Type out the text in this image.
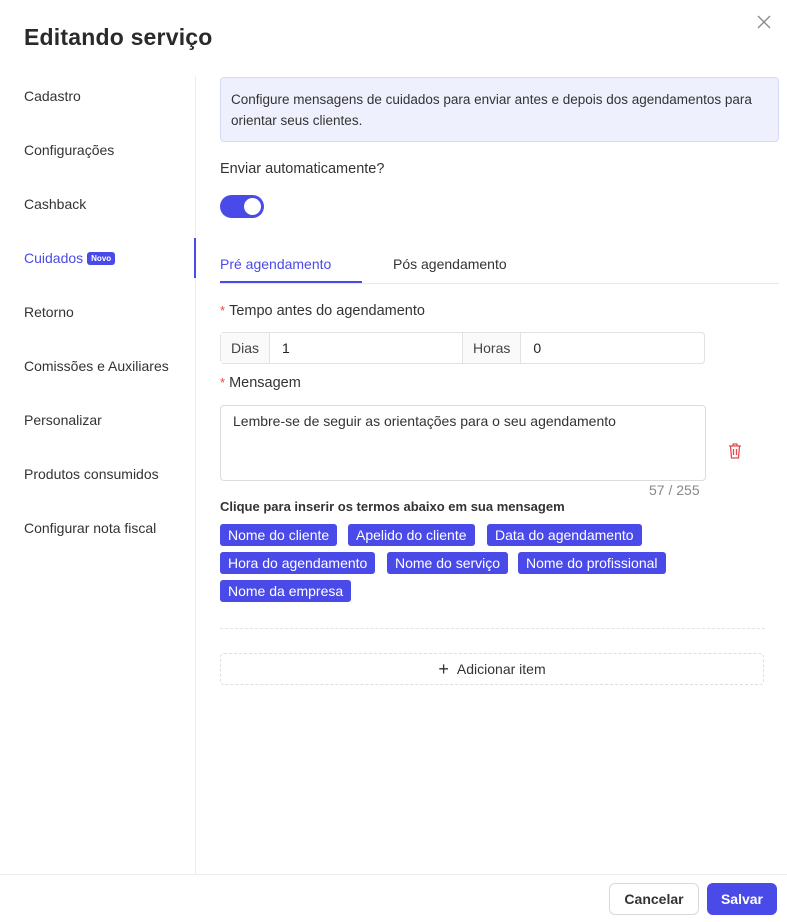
Editando serviço
Cadastro
Configurações
Cashback
Cuidados Novo
Retorno
Comissões e Auxiliares
Personalizar
Produtos consumidos
Configurar nota fiscal
Configure mensagens de cuidados para enviar antes e depois dos agendamentos para orientar seus clientes.
Enviar automaticamente?
Pré agendamento	Pós agendamento
* Tempo antes do agendamento
Dias	1	Horas	0
* Mensagem
Lembre-se de seguir as orientações para o seu agendamento
57 / 255
Clique para inserir os termos abaixo em sua mensagem
Nome do cliente	Apelido do cliente	Data do agendamento
Hora do agendamento	Nome do serviço	Nome do profissional
Nome da empresa
+ Adicionar item
Cancelar	Salvar
